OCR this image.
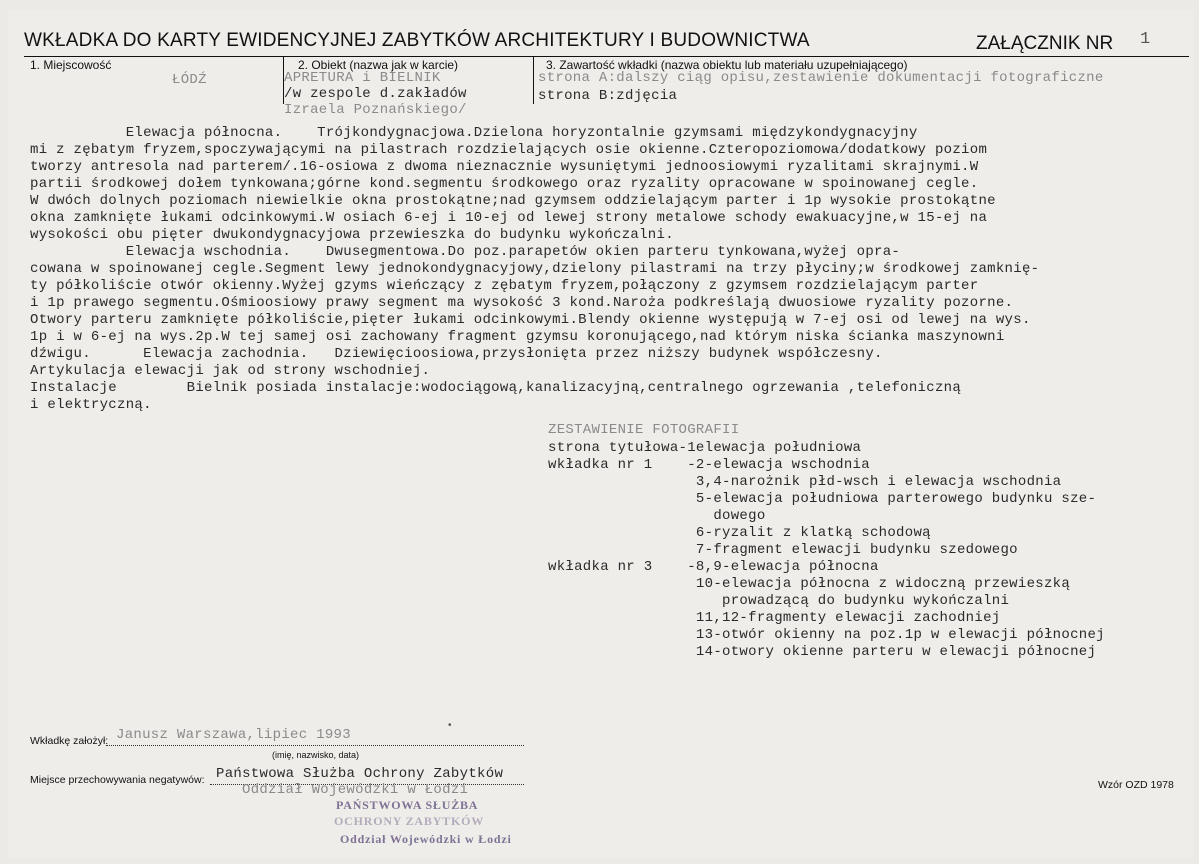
WKŁADKA DO KARTY EWIDENCYJNEJ ZABYTKÓW ARCHITEKTURY I BUDOWNICTWA	ZAŁĄCZNIK NR 1
1. Miejscowość	2. Obiekt (nazwa jak w karcie)	3. Zawartość wkładki (nazwa obiektu lub materiału uzupełniającego)
ŁÓDŹ	APRETURA i BIELNIK
/w zespole d.zakładów
Izraela Poznańskiego/
strona A:dalszy ciąg opisu,zestawienie dokumentacji fotograficzne
strona B:zdjęcia
Elewacja północna.    Trójkondygnacjowa.Dzielona horyzontalnie gzymsami międzykondygnacyjny
mi z zębatym fryzem,spoczywającymi na pilastrach rozdzielających osie okienne.Czteropoziomowa/dodatkowy poziom
tworzy antresola nad parterem/.16-osiowa z dwoma nieznacznie wysuniętymi jednoosiowymi ryzalitami skrajnymi.W
partii środkowej dołem tynkowana;górne kond.segmentu środkowego oraz ryzality opracowane w spoinowanej cegle.
W dwóch dolnych poziomach niewielkie okna prostokątne;nad gzymsem oddzielającym parter i 1p wysokie prostokątne
okna zamknięte łukami odcinkowymi.W osiach 6-ej i 10-ej od lewej strony metalowe schody ewakuacyjne,w 15-ej na
wysokości obu pięter dwukondygnacyjowa przewieszka do budynku wykończalni.
Elewacja wschodnia.    Dwusegmentowa.Do poz.parapetów okien parteru tynkowana,wyżej opra-
cowana w spoinowanej cegle.Segment lewy jednokondygnacyjowy,dzielony pilastrami na trzy płyciny;w środkowej zamknię-
ty półkoliście otwór okienny.Wyżej gzyms wieńczący z zębatym fryzem,połączony z gzymsem rozdzielającym parter
i 1p prawego segmentu.Ośmioosiowy prawy segment ma wysokość 3 kond.Naroża podkreślają dwuosiowe ryzality pozorne.
Otwory parteru zamknięte półkoliście,pięter łukami odcinkowymi.Blendy okienne występują w 7-ej osi od lewej na wys.
1p i w 6-ej na wys.2p.W tej samej osi zachowany fragment gzymsu koronującego,nad którym niska ścianka maszynowni
dźwigu.      Elewacja zachodnia.   Dziewięcioosiowa,przysłonięta przez niższy budynek współczesny.
Artykulacja elewacji jak od strony wschodniej.
Instalacje        Bielnik posiada instalacje:wodociągową,kanalizacyjną,centralnego ogrzewania ,telefoniczną
i elektryczną.
ZESTAWIENIE FOTOGRAFII
strona tytułowa-1elewacja południowa
wkładka nr 1    -2-elewacja wschodnia
3,4-narożnik płd-wsch i elewacja wschodnia
5-elewacja południowa parterowego budynku sze-
dowego
6-ryzalit z klatką schodową
7-fragment elewacji budynku szedowego
wkładka nr 3    -8,9-elewacja północna
10-elewacja północna z widoczną przewieszką
prowadzącą do budynku wykończalni
11,12-fragmenty elewacji zachodniej
13-otwór okienny na poz.1p w elewacji północnej
14-otwory okienne parteru w elewacji północnej
•
Wkładkę założył: Janusz Warszawa,lipiec 1993
(imię, nazwisko, data)
Miejsce przechowywania negatywów: Państwowa Służba Ochrony Zabytków
Oddział Wojewódzki w Łodzi
PAŃSTWOWA SŁUŻBA
OCHRONY ZABYTKÓW
Oddział Wojewódzki w Łodzi
Wzór OZD 1978
